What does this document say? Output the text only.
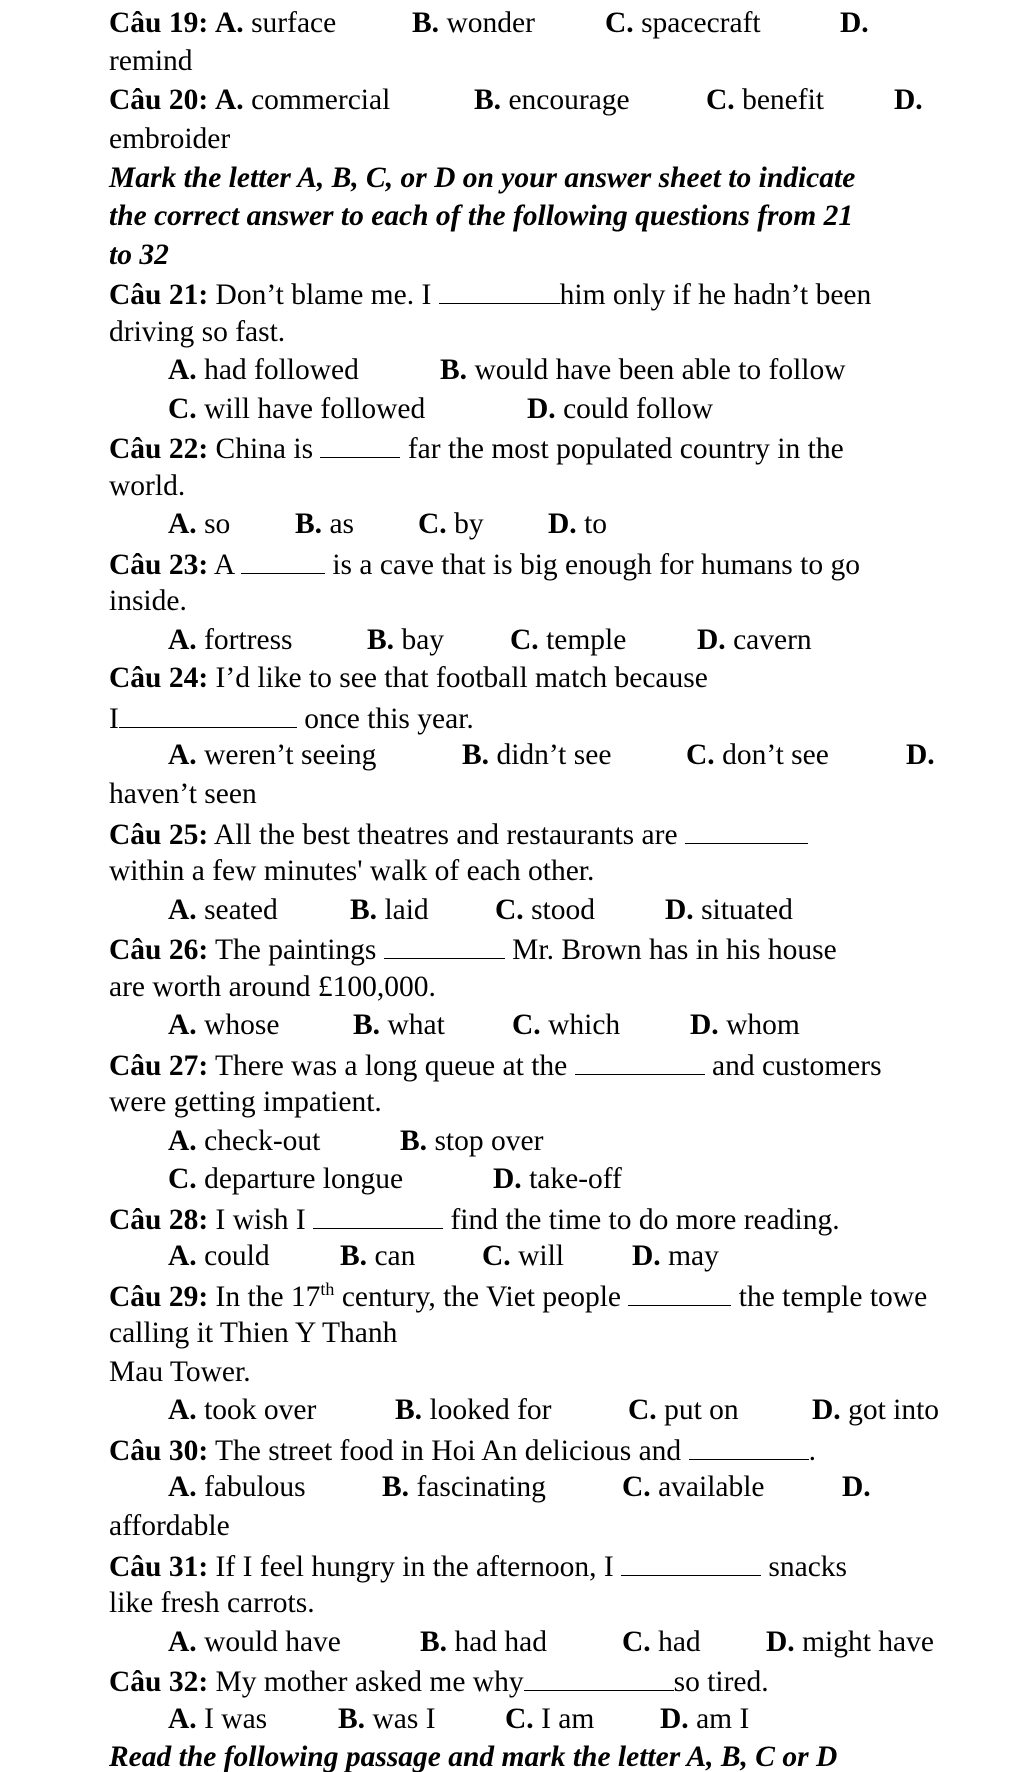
Câu 19: A. surface	B. wonder C. spacecraft	D.
remind
Câu 20: A. commercial	B. encourage	C. benefit D.
embroider
Mark the letter A, B, C, or D on your answer sheet to indicate
the correct answer to each of the following questions from 21
to 32
Câu 21: Don’t blame me. I	him only if he hadn’t been
driving so fast.
A. had followed	B. would have been able to follow
C. will have followed	D. could follow
Câu 22: China is	far the most populated country in the
world.
A. so B. as C. by D. to
Câu 23: A	is a cave that is big enough for humans to go
inside.
A. fortress	B. bay C. temple D. cavern
Câu 24: I’d like to see that football match because
I	once this year.
A. weren’t seeing	B. didn’t see	C. don’t see	D.
haven’t seen
Câu 25: All the best theatres and restaurants are
within a few minutes' walk of each other.
A. seated B. laid C. stood D. situated
Câu 26: The paintings	Mr. Brown has in his house
are worth around £100,000.
A. whose B. what C. which D. whom
Câu 27: There was a long queue at the	and customers
were getting impatient.
A. check-out	B. stop over
C. departure longue	D. take-off
Câu 28: I wish I	find the time to do more reading.
A. could B. can C. will D. may
Câu 29: In the 17th century, the Viet people	the temple towe
calling it Thien Y Thanh
Mau Tower.
A. took over	B. looked for	C. put on D. got into
Câu 30: The street food in Hoi An delicious and	.
A. fabulous	B. fascinating	C. available	D.
affordable
Câu 31: If I feel hungry in the afternoon, I	snacks
like fresh carrots.
A. would have	B. had had	C. had D. might have
Câu 32: My mother asked me why	so tired.
A. I was B. was I C. I am D. am I
Read the following passage and mark the letter A, B, C or D
